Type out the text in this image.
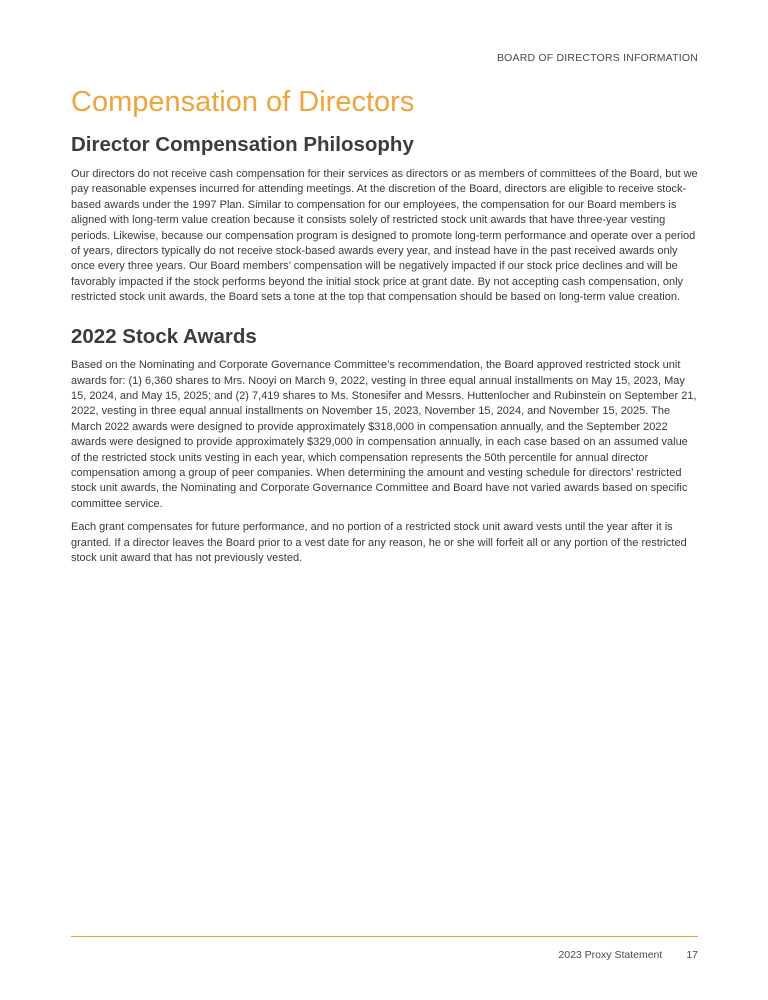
BOARD OF DIRECTORS INFORMATION
Compensation of Directors
Director Compensation Philosophy

Our directors do not receive cash compensation for their services as directors or as members of committees of the Board, but we pay reasonable expenses incurred for attending meetings. At the discretion of the Board, directors are eligible to receive stock-based awards under the 1997 Plan. Similar to compensation for our employees, the compensation for our Board members is aligned with long-term value creation because it consists solely of restricted stock unit awards that have three-year vesting periods. Likewise, because our compensation program is designed to promote long-term performance and operate over a period of years, directors typically do not receive stock-based awards every year, and instead have in the past received awards only once every three years. Our Board members’ compensation will be negatively impacted if our stock price declines and will be favorably impacted if the stock performs beyond the initial stock price at grant date. By not accepting cash compensation, only restricted stock unit awards, the Board sets a tone at the top that compensation should be based on long-term value creation.

2022 Stock Awards

Based on the Nominating and Corporate Governance Committee’s recommendation, the Board approved restricted stock unit awards for: (1) 6,360 shares to Mrs. Nooyi on March 9, 2022, vesting in three equal annual installments on May 15, 2023, May 15, 2024, and May 15, 2025; and (2) 7,419 shares to Ms. Stonesifer and Messrs. Huttenlocher and Rubinstein on September 21, 2022, vesting in three equal annual installments on November 15, 2023, November 15, 2024, and November 15, 2025. The March 2022 awards were designed to provide approximately $318,000 in compensation annually, and the September 2022 awards were designed to provide approximately $329,000 in compensation annually, in each case based on an assumed value of the restricted stock units vesting in each year, which compensation represents the 50th percentile for annual director compensation among a group of peer companies. When determining the amount and vesting schedule for directors’ restricted stock unit awards, the Nominating and Corporate Governance Committee and Board have not varied awards based on specific committee service.

Each grant compensates for future performance, and no portion of a restricted stock unit award vests until the year after it is granted. If a director leaves the Board prior to a vest date for any reason, he or she will forfeit all or any portion of the restricted stock unit award that has not previously vested.

2023 Proxy Statement 17
